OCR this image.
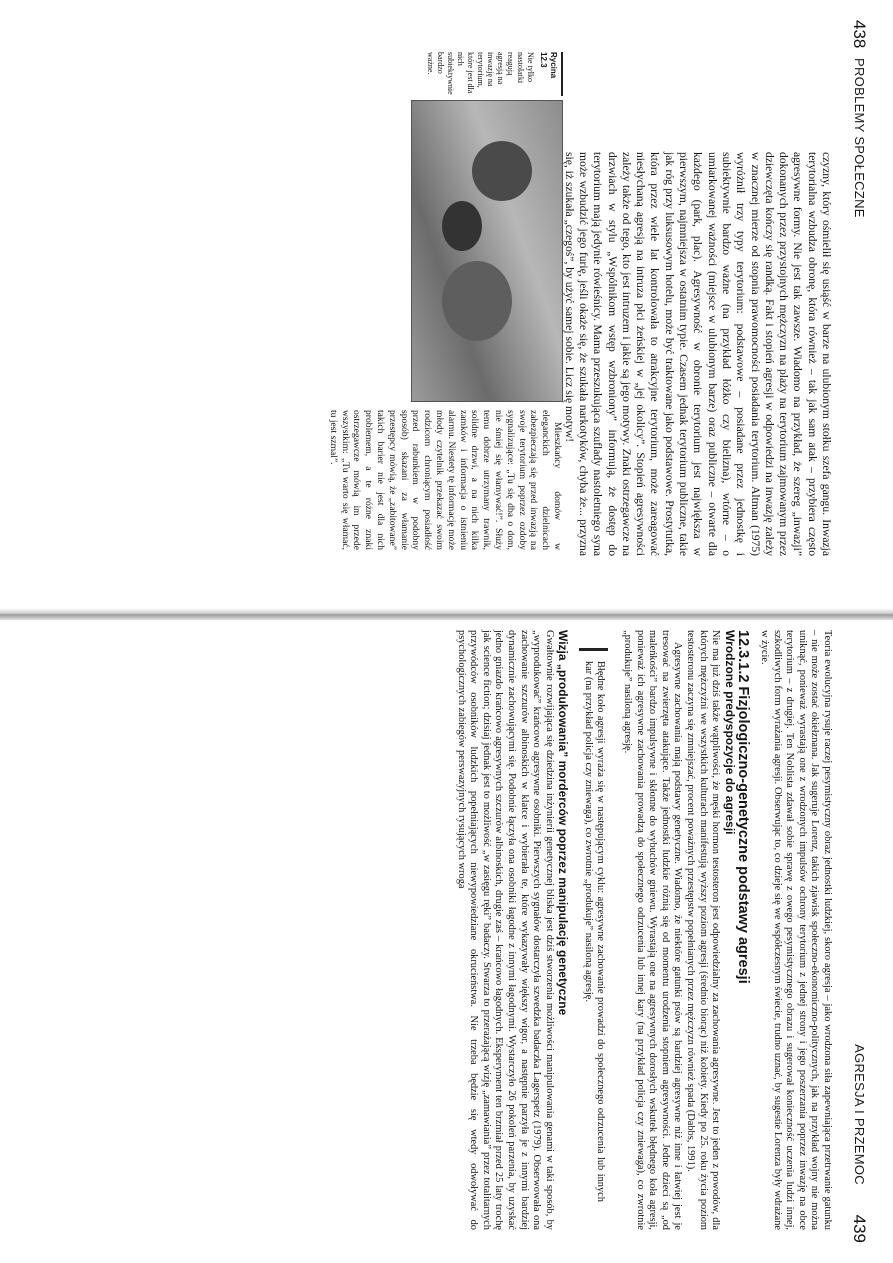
438
PROBLEMY SPOŁECZNE

czyzny, który ośmielił się usiąść w barze na ulubionym stołku szefa gangu. Inwazja terytorialna wzbudza obronę, która również – tak jak sam atak – przybiera często agresywne formy. Nie jest tak zawsze. Wiadomo na przykład, że szereg „inwazji” dokonanych przez przystojnych mężczyzn na plaży na terytorium zajmowanym przez dziewczęta kończy się randką. Fakt i stopień agresji w odpowiedzi na inwazję zależy w znacznej mierze od stopnia prawomocności posiadania terytorium. Altman (1975) wyróżnił trzy typy terytorium: podstawowe – posiadane przez jednostkę i subiektywnie bardzo ważne (na przykład łóżko czy bielizna), wtórne – o umiarkowanej ważności (miejsce w ulubionym barze) oraz publiczne – otwarte dla każdego (park, plac). Agresywność w obronie terytorium jest największa w pierwszym, najmniejsza w ostatnim typie. Czasem jednak terytorium publiczne, takie jak róg przy luksusowym hotelu, może być traktowane jako podstawowe. Prostytutka, która przez wiele lat kontrolowała to atrakcyjne terytorium, może zareagować niesłychaną agresją na intruza płci żeńskiej w „jej okolicy”. Stopień agresywności zależy także od tego, kto jest intruzem i jakie są jego motywy. Znaki ostrzegawcze na drzwiach w stylu „Wspólnikom wstęp wzbroniony” informują, że dostęp do terytorium mają jedynie rówieśnicy. Mama przeszukująca szuflady nastoletniego syna może wzbudzić jego furię, jeśli okaże się, że szukała narkotyków, chyba że... przyzna się, iż szukała „czegoś”, by użyć samej sobie. Licz się motyw!

Mieszkańcy domów w eleganckich dzielnicach zabezpieczają się przed inwazją na swoje terytorium poprzez ozdoby sygnalizujące: „Tu się dba o dom, nie śmiej się włamywać!”. Służy temu dobrze utrzymany trawnik, solidne drzwi, a na nich kilka zamków i informacja o istnieniu alarmu. Niestety tę informację może młody czytelnik przekazać swoim rodzicom chroniącym posiadłość przed rabunkiem w podobny sposób) skazani za włamanie przestępcy mówią, że „zabitowane” takich barier nie jest dla nich problemem, a te różne znaki ostrzegawcze mówią im przede wszystkim: „Tu warto się włamać, tu jest szmal”.

Rycina 12.3
Nie tylko nastolatki reagują agresją na inwazję na terytorium, które jest dla nich subiektywnie bardzo ważne.
AGRESJA I PRZEMOC
439

Teoria ewolucyjna rysuje raczej pesymistyczny obraz jednostki ludzkiej, skoro agresja – jako wrodzona siła zapewniająca przetrwanie gatunku – nie może zostać okiełznana. Jak sugeruje Lorenz, takich zjawisk społeczno-ekonomiczno-politycznych, jak na przykład wojny nie można uniknąć, ponieważ wyrastają one z wrodzonych impulsów ochrony terytorium z jednej strony i jego poszerzania poprzez inwazję na obce terytorium – z drugiej. Ten Noblista zdawał sobie sprawę z owego pesymistycznego obrazu i sugerował konieczność uczenia ludzi innej, szkodliwych form wyrażania agresji. Obserwując to, co dzieje się we współczesnym świecie, trudno uznać, by sugestie Lorenza były wdrażane w życie.

12.3.1.2 Fizjologiczno-genetyczne podstawy agresji
Wrodzone predyspozycje do agresji

Nie ma już dziś także wątpliwości, że męski hormon testosteron jest odpowiedzialny za zachowania agresywne. Jest to jeden z powodów, dla których mężczyźni we wszystkich kulturach manifestują wyższy poziom agresji (średnio biorąc) niż kobiety. Kiedy po 25. roku życia poziom testosteronu zaczyna się zmniejszać, procent poważnych przestępstw popełnianych przez mężczyzn również spada (Dabbs, 1991).

Agresywne zachowania mają podstawy genetyczne. Wiadomo, że niektóre gatunki psów są bardziej agresywne niż inne i łatwiej jest je tresować na zwierzęta atakujące. Także jednostki ludzkie różnią się od momentu urodzenia stopniem agresywności. Jedne dzieci są „od maleńkości” bardzo impulsywne i skłonne do wybuchów gniewu. Wyrastają one na agresywnych dorosłych wskutek błędnego koła agresji, ponieważ ich agresywne zachowania prowadzą do społecznego odrzucenia lub innej kary (na przykład policja czy zniewaga), co zwrotnie „produkuje” nasiloną agresję.

Błędne koło agresji wyraża się w następującym cyklu: agresywne zachowanie prowadzi do społecznego odrzucenia lub innych kar (na przykład policja czy zniewaga), co zwrotnie „produkuje” nasiloną agresję.
Wizja „produkowania” morderców poprzez manipulację genetyczne

Gwałtownie rozwijająca się dziedzina inżynierii genetycznej bliska jest dziś stworzenia możliwości manipulowania genami w taki sposób, by „wyprodukować” krańcowo agresywne osobniki. Pierwszych sygnałów dostarczyła szwedzka badaczka Lagerspetz (1979). Obserwowała ona zachowanie szczurów albinoskich w klatce i wybierała te, które wykazywały większy wigor, a następnie parzyła je z innymi bardziej dynamicznie zachowującymi się. Podobnie łączyła ona osobniki łagodne z innymi łagodnymi. Wystarczyło 26 pokoleń parzenia, by uzyskać jedno gniazdo krańcowo agresywnych szczurów albinoskich, drugie zaś – krańcowo łagodnych. Eksperyment ten brzmiał przed 25 laty trochę jak science fiction; dzisiaj jednak jest to możliwość „w zasięgu ręki” badaczy. Stwarza to przerażającą wizję „zamawiania” przez totalitarnych przywódców osobników ludzkich popełniających niewypowiedziane okrucieństwa. Nie trzeba będzie się wtedy odwoływać do psychologicznych zabiegów perswazyjnych rysujących wroga
